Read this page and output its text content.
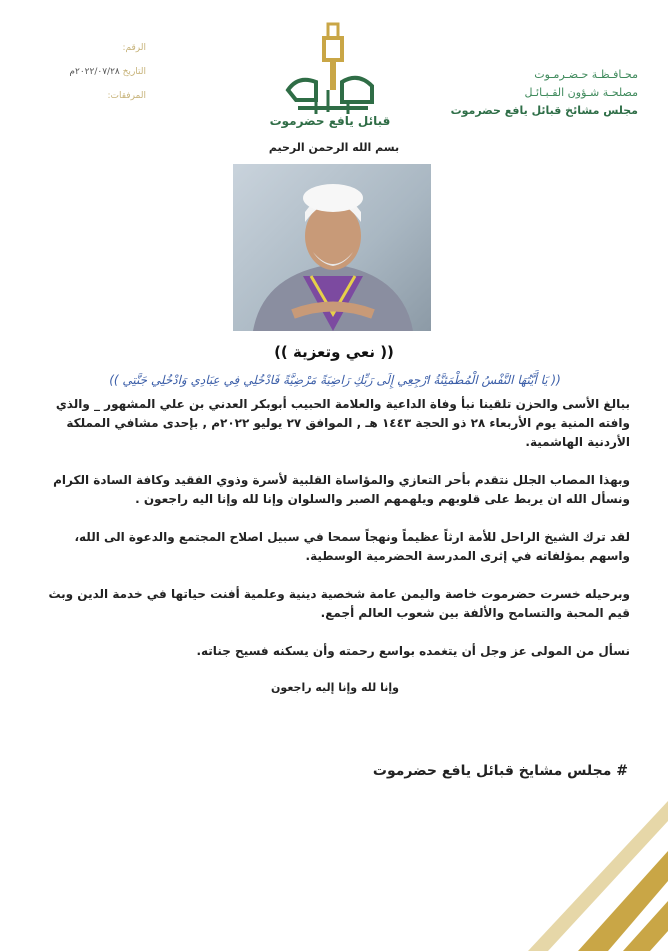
محـافـظـة حـضـرمـوت
مصلحـة شـؤون القـبـائـل
مجلس مشائخ قبائل يافع حضرموت
الرقم:
التاريخ ٢٠٢٢/٠٧/٢٨م
المرفقات:
قبائل يافع حضرموت
بسم الله الرحمن الرحيم
(( نعي وتعزية ))
(( يَا أَيَّتُهَا النَّفْسُ الْمُطْمَئِنَّةُ ارْجِعِي إِلَى رَبِّكِ رَاضِيَةً مَرْضِيَّةً فَادْخُلِي فِي عِبَادِي وَادْخُلِي جَنَّتِي ))

ببالغ الأسى والحزن تلقينا نبأ وفاة الداعية والعلامة الحبيب أبوبكر العدني بن علي المشهور _ والذي وافته المنية يوم الأربعاء ٢٨ ذو الحجة ١٤٤٣ هـ , الموافق ٢٧ يوليو ٢٠٢٢م , بإحدى مشافي المملكة الأردنية الهاشمية.

وبهذا المصاب الجلل نتقدم بأحر التعازي والمؤاساة القلبية لأسرة وذوي الفقيد وكافة السادة الكرام ونسأل الله ان يربط على قلوبهم ويلهمهم الصبر والسلوان وإنا لله وإنا اليه راجعون .

لقد ترك الشيخ الراحل للأمة ارثاً عظيماً ونهجاً سمحا في سبيل اصلاح المجتمع والدعوة الى الله، واسهم بمؤلفاته في إثرى المدرسة الحضرمية الوسطية.

وبرحيله خسرت حضرموت خاصة واليمن عامة شخصية دينية وعلمية أفنت حياتها في خدمة الدين وبث قيم المحبة والتسامح والألفة بين شعوب العالم أجمع.

نسأل من المولى عز وجل أن يتغمده بواسع رحمته وأن يسكنه فسيح جناته.

وإنا لله وإنا إليه راجعون

# مجلس مشايخ قبائل يافع حضرموت
